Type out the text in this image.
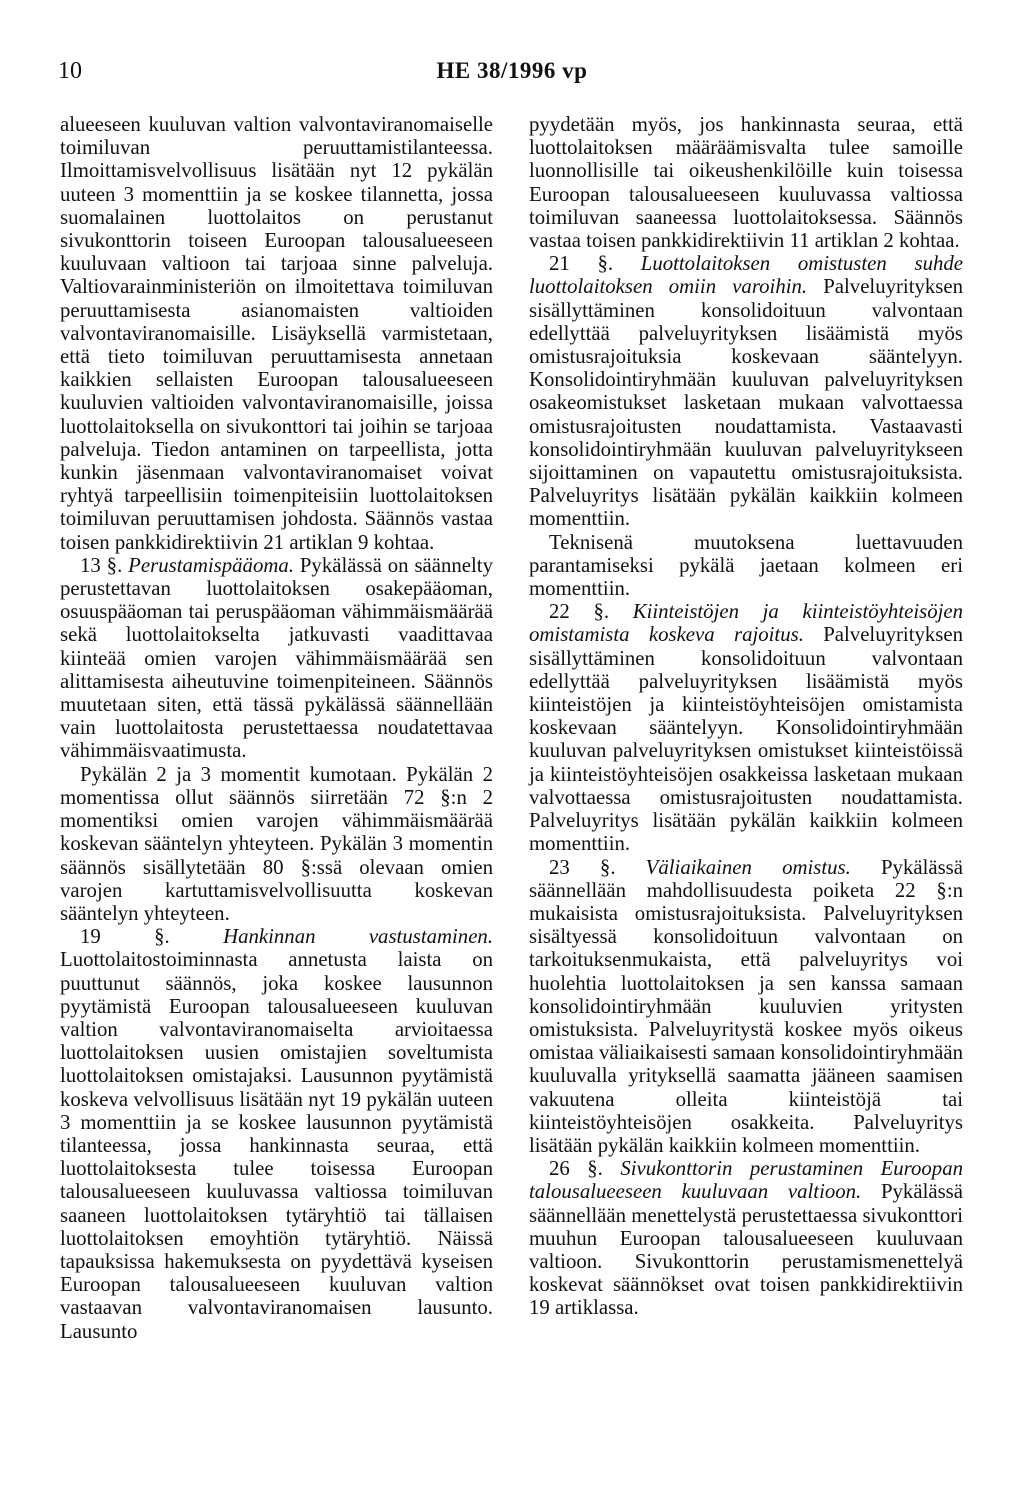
10	HE 38/1996 vp

alueeseen kuuluvan valtion valvontaviranomaiselle toimiluvan peruuttamistilanteessa. Ilmoittamisvelvollisuus lisätään nyt 12 pykälän uuteen 3 momenttiin ja se koskee tilannetta, jossa suomalainen luottolaitos on perustanut sivukonttorin toiseen Euroopan talousalueeseen kuuluvaan valtioon tai tarjoaa sinne palveluja. Valtiovarainministeriön on ilmoitettava toimiluvan peruuttamisesta asianomaisten valtioiden valvontaviranomaisille. Lisäyksellä varmistetaan, että tieto toimiluvan peruuttamisesta annetaan kaikkien sellaisten Euroopan talousalueeseen kuuluvien valtioiden valvontaviranomaisille, joissa luottolaitoksella on sivukonttori tai joihin se tarjoaa palveluja. Tiedon antaminen on tarpeellista, jotta kunkin jäsenmaan valvontaviranomaiset voivat ryhtyä tarpeellisiin toimenpiteisiin luottolaitoksen toimiluvan peruuttamisen johdosta. Säännös vastaa toisen pankkidirektiivin 21 artiklan 9 kohtaa.

13 §. Perustamispääoma. Pykälässä on säännelty perustettavan luottolaitoksen osakepääoman, osuuspääoman tai peruspääoman vähimmäismäärää sekä luottolaitokselta jatkuvasti vaadittavaa kiinteää omien varojen vähimmäismäärää sen alittamisesta aiheutuvine toimenpiteineen. Säännös muutetaan siten, että tässä pykälässä säännellään vain luottolaitosta perustettaessa noudatettavaa vähimmäisvaatimusta.

Pykälän 2 ja 3 momentit kumotaan. Pykälän 2 momentissa ollut säännös siirretään 72 §:n 2 momentiksi omien varojen vähimmäismäärää koskevan sääntelyn yhteyteen. Pykälän 3 momentin säännös sisällytetään 80 §:ssä olevaan omien varojen kartuttamisvelvollisuutta koskevan sääntelyn yhteyteen.

19 §.	Hankinnan vastustaminen. Luottolaitostoiminnasta annetusta laista on puuttunut säännös, joka koskee lausunnon pyytämistä Euroopan talousalueeseen kuuluvan valtion valvontaviranomaiselta arvioitaessa luottolaitoksen uusien omistajien soveltumista luottolaitoksen omistajaksi. Lausunnon pyytämistä koskeva velvollisuus lisätään nyt 19 pykälän uuteen 3 momenttiin ja se koskee lausunnon pyytämistä tilanteessa, jossa hankinnasta seuraa, että luottolaitoksesta tulee toisessa Euroopan talousalueeseen kuuluvassa valtiossa toimiluvan saaneen luottolaitoksen tytäryhtiö tai tällaisen luottolaitoksen emoyhtiön tytäryhtiö. Näissä tapauksissa hakemuksesta on pyydettävä kyseisen Euroopan talousalueeseen kuuluvan valtion vastaavan valvontaviranomaisen lausunto. Lausunto

pyydetään myös, jos hankinnasta seuraa, että luottolaitoksen määräämisvalta tulee samoille luonnollisille tai oikeushenkilöille kuin toisessa Euroopan talousalueeseen kuuluvassa valtiossa toimiluvan saaneessa luottolaitoksessa. Säännös vastaa toisen pankkidirektiivin 11 artiklan 2 kohtaa.

21 §. Luottolaitoksen omistusten suhde luottolaitoksen omiin varoihin. Palveluyrityksen sisällyttäminen konsolidoituun valvontaan edellyttää palveluyrityksen lisäämistä myös omistusrajoituksia koskevaan sääntelyyn. Konsolidointiryhmään kuuluvan palveluyrityksen osakeomistukset lasketaan mukaan valvottaessa omistusrajoitusten noudattamista. Vastaavasti konsolidointiryhmään kuuluvan palveluyritykseen sijoittaminen on vapautettu omistusrajoituksista. Palveluyritys lisätään pykälän kaikkiin kolmeen momenttiin.

Teknisenä muutoksena luettavuuden parantamiseksi pykälä jaetaan kolmeen eri momenttiin.

22 §. Kiinteistöjen ja kiinteistöyhteisöjen omistamista koskeva rajoitus. Palveluyrityksen sisällyttäminen konsolidoituun valvontaan edellyttää palveluyrityksen lisäämistä myös kiinteistöjen ja kiinteistöyhteisöjen omistamista koskevaan sääntelyyn. Konsolidointiryhmään kuuluvan palveluyrityksen omistukset kiinteistöissä ja kiinteistöyhteisöjen osakkeissa lasketaan mukaan valvottaessa omistusrajoitusten noudattamista. Palveluyritys lisätään pykälän kaikkiin kolmeen momenttiin.

23 §. Väliaikainen omistus. Pykälässä säännellään mahdollisuudesta poiketa 22 §:n mukaisista omistusrajoituksista. Palveluyrityksen sisältyessä konsolidoituun valvontaan on tarkoituksenmukaista, että palveluyritys voi huolehtia luottolaitoksen ja sen kanssa samaan konsolidointiryhmään kuuluvien yritysten omistuksista. Palveluyritystä koskee myös oikeus omistaa väliaikaisesti samaan konsolidointiryhmään kuuluvalla yrityksellä saamatta jääneen saamisen vakuutena olleita kiinteistöjä tai kiinteistöyhteisöjen osakkeita. Palveluyritys lisätään pykälän kaikkiin kolmeen momenttiin.

26 §. Sivukonttorin perustaminen Euroopan talousalueeseen kuuluvaan valtioon. Pykälässä säännellään menettelystä perustettaessa sivukonttori muuhun Euroopan talousalueeseen kuuluvaan valtioon. Sivukonttorin perustamismenettelyä koskevat säännökset ovat toisen pankkidirektiivin 19 artiklassa.
